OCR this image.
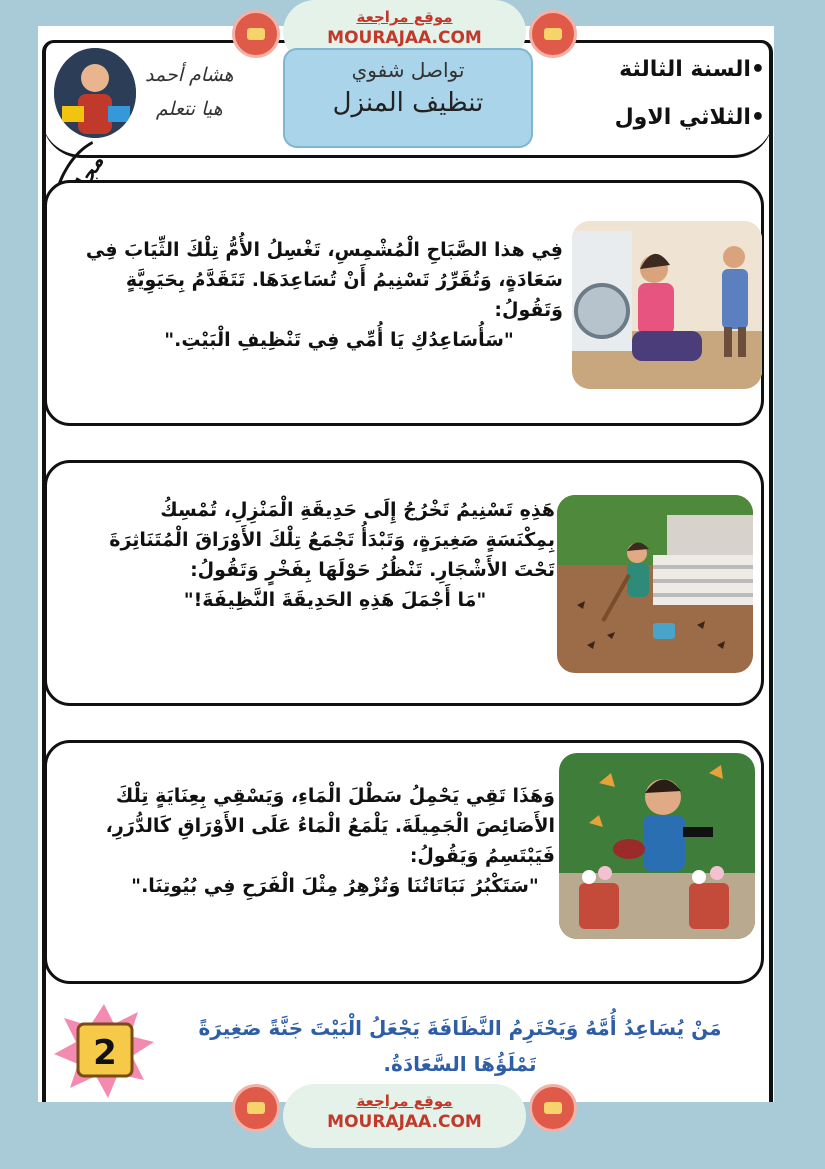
موقع مراجعة
MOURAJAA.COM
•السنة الثالثة
•الثلاثي الاول
تواصل شفوي
تنظيف المنزل
هشام أحمد
هيا نتعلم
فِي هذا الصَّبَاحِ الْمُشْمِسِ، تَغْسِلُ الأُمُّ تِلْكَ الثِّيَابَ فِي سَعَادَةٍ، وَتُقَرِّرُ تَسْنِيمُ أَنْ تُسَاعِدَهَا. تَتَقَدَّمُ بِحَيَوِيَّةٍ وَتَقُولُ:
"سَأُسَاعِدُكِ يَا أُمِّي فِي تَنْظِيفِ الْبَيْتِ."
هَذِهِ تَسْنِيمُ تَخْرُجُ إِلَى حَدِيقَةِ الْمَنْزِلِ، تُمْسِكُ بِمِكْنَسَةٍ صَغِيرَةٍ، وَتَبْدَأُ تَجْمَعُ تِلْكَ الأَوْرَاقَ الْمُتَنَاثِرَةَ تَحْتَ الأَشْجَارِ. تَنْظُرُ حَوْلَهَا بِفَخْرٍ وَتَقُولُ:
"مَا أَجْمَلَ هَذِهِ الحَدِيقَةَ النَّظِيفَةَ!"
وَهَذَا تَقِي يَحْمِلُ سَطْلَ الْمَاءِ، وَيَسْقِي بِعِنَايَةٍ تِلْكَ الأَصَائِصَ الْجَمِيلَةَ. يَلْمَعُ الْمَاءُ عَلَى الأَوْرَاقِ كَالدُّرَرِ، فَيَبْتَسِمُ وَيَقُولُ:
"سَتَكْبُرُ نَبَاتَاتُنَا وَتُزْهِرُ مِثْلَ الْفَرَحِ فِي بُيُوتِنَا."
2
مَنْ يُسَاعِدُ أُمَّهُ وَيَحْتَرِمُ النَّظَافَةَ يَجْعَلُ الْبَيْتَ جَنَّةً صَغِيرَةً تَمْلَؤُهَا السَّعَادَةُ.
موقع مراجعة
MOURAJAA.COM
